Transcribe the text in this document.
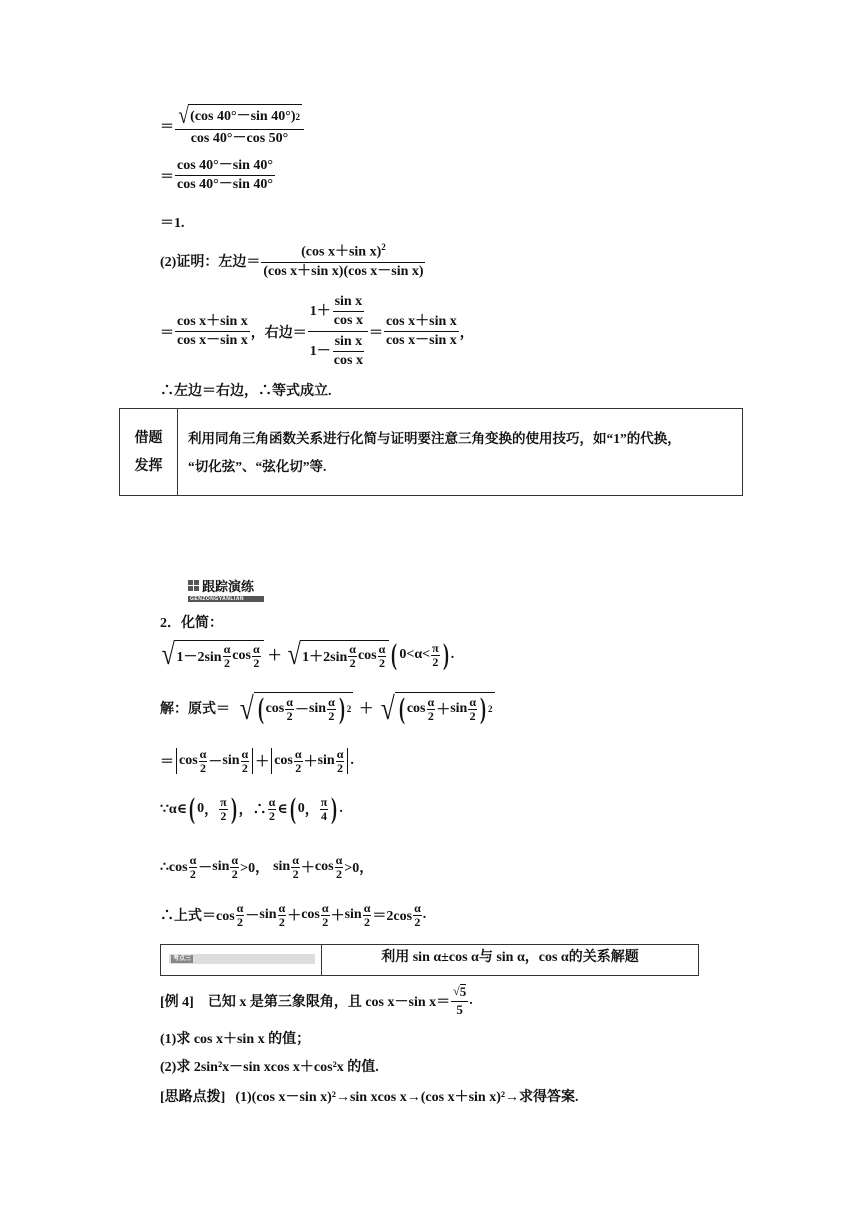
＝ $\frac{√ (\cos 40^\circ-\sin 40^\circ) 2}{\cos 40^\circ-\cos 50^\circ}$
＝ $\frac{\cos 40^\circ-\sin 40^\circ}{\cos 40^\circ-\sin 40^\circ}$
＝1.
(2)证明：左边＝ $\frac{(\cos x+\sin x)^2}{\text{(cos x＋sin x)(cos x－sin x)}}$
＝ $\frac{\text{cos x＋sin x}}{\text{cos x－sin x}}$ ，右边＝ $\frac{1+ \frac{\text{sin x}}{\text{cos x}}}{1- \frac{\text{sin x}}{\text{cos x}}} = \frac{\text{cos x＋sin x}}{\text{cos x－sin x}}$ ，
∴左边＝右边，∴等式成立.
借题
发挥
利用同角三角函数关系进行化简与证明要注意三角变换的使用技巧，如“1”的代换，
“切化弦”、“弦化切”等.
跟踪演练
GENZONGYANLIAN
2．化简：
√ $1-2\sin \frac{\alpha}{2}$ $\cos \frac{\alpha}{2}$ ＋ √ $1+2\sin \frac{\alpha}{2}$ $\cos \frac{\alpha}{2}$ ( $0<\alpha< \frac{\pi}{2}$ ) .
解：原式＝ √ ( $\cos \frac{\alpha}{2} - \sin \frac{\alpha}{2}$ ) 2 ＋ √ ( $\cos \frac{\alpha}{2} + \sin \frac{\alpha}{2}$ ) 2
＝ $\cos \frac{\alpha}{2} - \sin \frac{\alpha}{2} + \cos \frac{\alpha}{2} + \sin \frac{\alpha}{2}$ .
∵α∈ ( 0 ， $\frac{\pi}{2}$ ) ，∴ $\frac{\alpha}{2}$ ∈ ( 0 ， $\frac{\pi}{4}$ ) .
∴cos $\frac{\alpha}{2} - \sin \frac{\alpha}{2} >0$， $\sin \frac{\alpha}{2} + \cos \frac{\alpha}{2} >0$，
∴上式$=\cos \frac{\alpha}{2} - \sin \frac{\alpha}{2} + \cos \frac{\alpha}{2} + \sin \frac{\alpha}{2} =2\cos \frac{\alpha}{2}$ .
考点三	利用 sin α±cos α与 sin α，cos α的关系解题
[例 4] 已知 x 是第三象限角，且 cos x－sin $x= \frac{√ 5}{5}$ .
(1)求 cos x＋sin x 的值；
(2)求 2sin²x－sin xcos x＋cos²x 的值.
[思路点拨] (1)(cos x－sin x)²→sin xcos x→(cos x＋sin x)²→求得答案.
